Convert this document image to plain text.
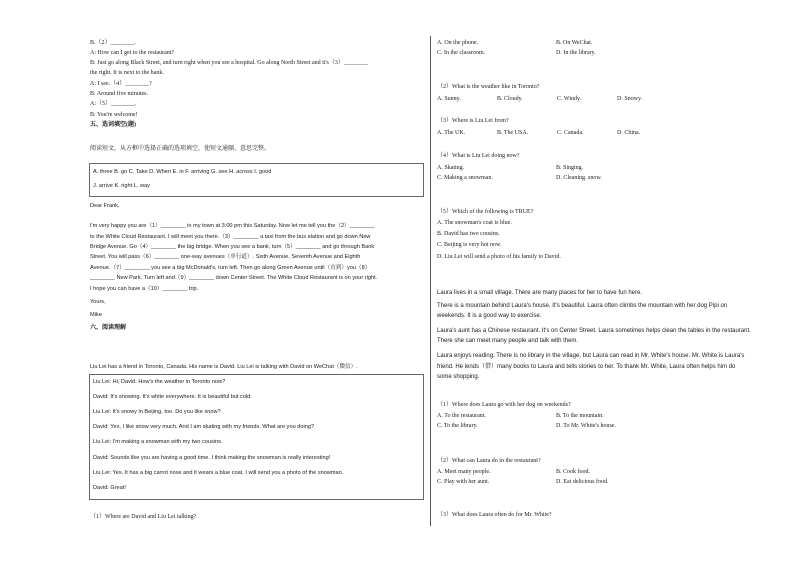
B.（2）________.
A: How can I get to the restaurant?
B: Just go along Black Street, and turn right when you see a hospital. Go along North Street and it's（3）________
the right. It is next to the bank.
A: I see.（4）________?
B: Around five minutes.
A:（5）________.
B: You're welcome!
五、选词填空(题)
阅读短文，从方框中选择正确的选项填空，使短文通顺、意思完整。
A. three B. go C. Take D. When E. in F. arriving G. see H. across I. good
J. arrive K. right L. way
Dear Frank,
I'm very happy you are（1）________ in my town at 3:00 pm this Saturday. Now let me tell you the（2）________
to the White Cloud Restaurant. I will meet you there.（3）________ a taxi from the bus station and go down New
Bridge Avenue. Go（4）________ the big bridge. When you see a bank, turn（5）________ and go through Bank
Street. You will pass（6）________ one-way avenues（单行道）. Sixth Avenue, Seventh Avenue and Eighth
Avenue.（7）________ you see a big McDonald's, turn left. Then go along Green Avenue until（直到）you（8）
________ New Park. Turn left and（9）________ down Center Street. The White Cloud Restaurant is on your right.
I hope you can have a（10）________ trip.
Yours,
Mike
六、阅读理解
Liu Lei has a friend in Toronto, Canada. His name is David. Liu Lei is talking with David on WeChat（微信）.
Liu Lei: Hi, David. How's the weather in Toronto now?
David: It's snowing. It's white everywhere. It is beautiful but cold.
Liu Lei: It's snowy in Beijing, too. Do you like snow?
David: Yes, I like snow very much. And I am skating with my friends. What are you doing?
Liu Lei: I'm making a snowman with my two cousins.
David: Sounds like you are having a good time. I think making the snowman is really interesting!
Liu Lei: Yes. It has a big carrot nose and it wears a blue coat. I will send you a photo of the snowman.
David: Great!
（1）Where are David and Liu Lei talking?
A. On the phone.	B. On WeChat.
C. In the classroom.	D. In the library.
（2）What is the weather like in Toronto?
A. Sunny.	B. Cloudy.	C. Windy.	D. Snowy.
（3）Where is Liu Lei from?
A. The UK.	B. The USA.	C. Canada.	D. China.
（4）What is Liu Lei doing now?
A. Skating.	B. Singing.
C. Making a snowman.	D. Cleaning. snow.
（5）Which of the following is TRUE?
A. The snowman's coat is blue.
B. David has two cousins.
C. Beijing is very hot now.
D. Liu Lei will send a photo of his family to David.
Laura lives in a small village. There are many places for her to have fun here.
There is a mountain behind Laura's house. It's beautiful. Laura often climbs the mountain with her dog Pipi on
weekends. It is a good way to exercise.
Laura's aunt has a Chinese restaurant. It's on Center Street. Laura sometimes helps clean the tables in the restaurant.
There she can meet many people and talk with them.
Laura enjoys reading. There is no library in the village, but Laura can read in Mr. White's house. Mr. White is Laura's
friend. He lends（借）many books to Laura and tells stories to her. To thank Mr. White, Laura often helps him do
some shopping.
（1）Where does Laura go with her dog on weekends?
A. To the restaurant.	B. To the mountain.
C. To the library.	D. To Mr. White's house.
（2）What can Laura do in the restaurant?
A. Meet many people.	B. Cook food.
C. Play with her aunt.	D. Eat delicious food.
（3）What does Laura often do for Mr. White?
